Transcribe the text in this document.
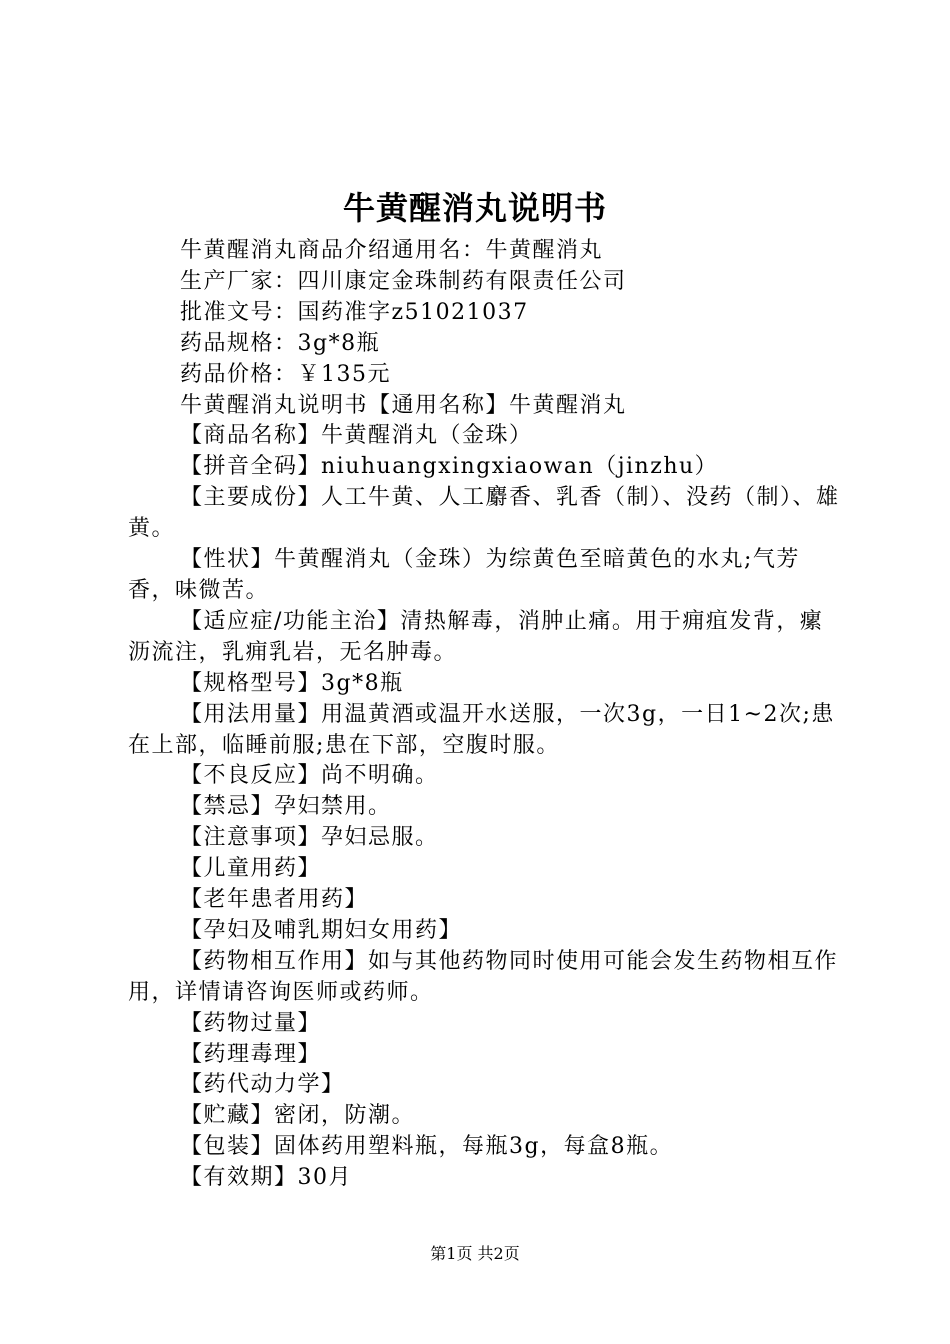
牛黄醒消丸说明书

牛黄醒消丸商品介绍通用名：牛黄醒消丸

生产厂家：四川康定金珠制药有限责任公司

批准文号：国药准字z51021037

药品规格：3g*8瓶

药品价格：￥135元

牛黄醒消丸说明书【通用名称】牛黄醒消丸

【商品名称】牛黄醒消丸（金珠）

【拼音全码】niuhuangxingxiaowan（jinzhu）

【主要成份】人工牛黄、人工麝香、乳香（制）、没药（制）、雄黄。

【性状】牛黄醒消丸（金珠）为综黄色至暗黄色的水丸;气芳香，味微苦。

【适应症/功能主治】清热解毒，消肿止痛。用于痈疽发背，瘰沥流注，乳痈乳岩，无名肿毒。

【规格型号】3g*8瓶

【用法用量】用温黄酒或温开水送服，一次3g，一日1~2次;患在上部，临睡前服;患在下部，空腹时服。

【不良反应】尚不明确。

【禁忌】孕妇禁用。

【注意事项】孕妇忌服。

【儿童用药】

【老年患者用药】

【孕妇及哺乳期妇女用药】

【药物相互作用】如与其他药物同时使用可能会发生药物相互作用，详情请咨询医师或药师。

【药物过量】

【药理毒理】

【药代动力学】

【贮藏】密闭，防潮。

【包装】固体药用塑料瓶，每瓶3g，每盒8瓶。

【有效期】30月

第1页 共2页
